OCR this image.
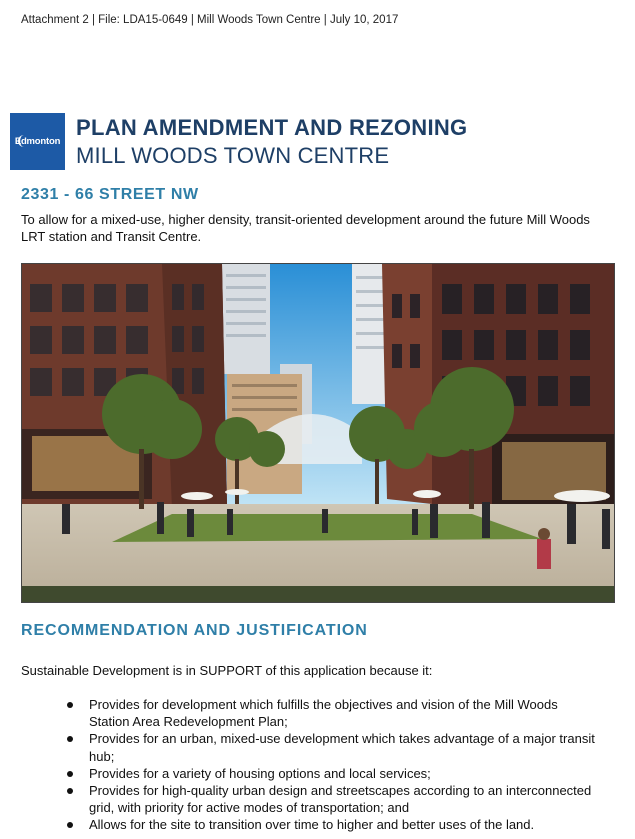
Attachment 2 | File: LDA15-0649 | Mill Woods Town Centre | July 10, 2017
Edmonton
PLAN AMENDMENT AND REZONING
MILL WOODS TOWN CENTRE
2331 - 66 STREET NW
To allow for a mixed-use, higher density, transit-oriented development around the future Mill Woods LRT station and Transit Centre.
RECOMMENDATION AND JUSTIFICATION
Sustainable Development is in SUPPORT of this application because it:
Provides for development which fulfills the objectives and vision of the Mill Woods Station Area Redevelopment Plan;
Provides for an urban, mixed-use development which takes advantage of a major transit hub;
Provides for a variety of housing options and local services;
Provides for high-quality urban design and streetscapes according to an interconnected grid, with priority for active modes of transportation; and
Allows for the site to transition over time to higher and better uses of the land.
